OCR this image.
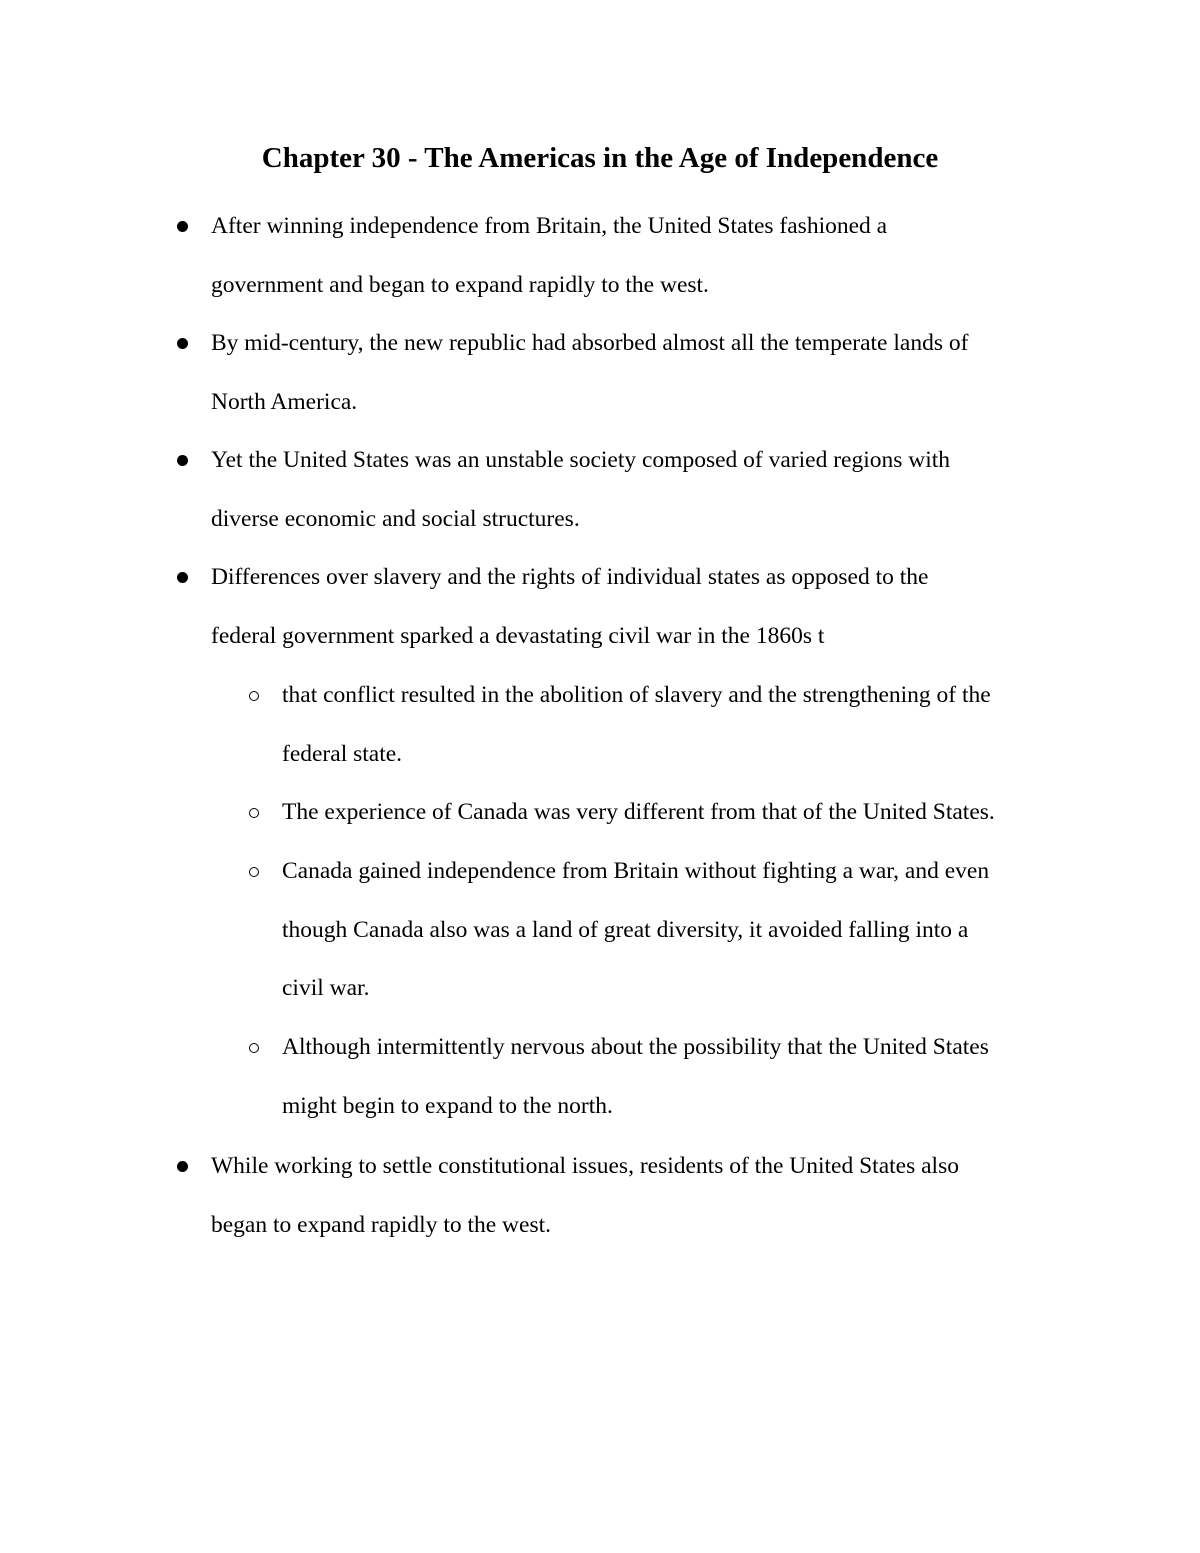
Chapter 30 - The Americas in the Age of Independence
After winning independence from Britain, the United States fashioned a
government and began to expand rapidly to the west.
By mid-century, the new republic had absorbed almost all the temperate lands of
North America.
Yet the United States was an unstable society composed of varied regions with
diverse economic and social structures.
Differences over slavery and the rights of individual states as opposed to the
federal government sparked a devastating civil war in the 1860s t
that conflict resulted in the abolition of slavery and the strengthening of the
federal state.
The experience of Canada was very different from that of the United States.
Canada gained independence from Britain without fighting a war, and even
though Canada also was a land of great diversity, it avoided falling into a
civil war.
Although intermittently nervous about the possibility that the United States
might begin to expand to the north.
While working to settle constitutional issues, residents of the United States also
began to expand rapidly to the west.
